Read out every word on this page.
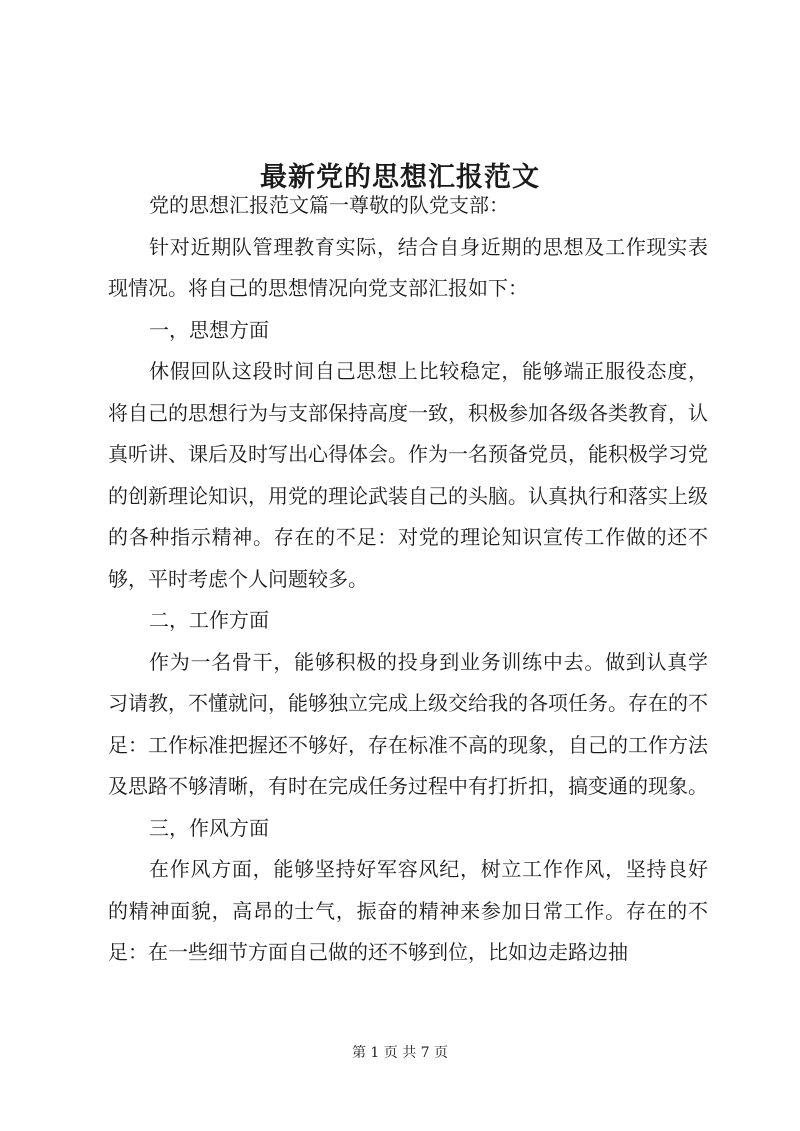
最新党的思想汇报范文

党的思想汇报范文篇一尊敬的队党支部：

针对近期队管理教育实际，结合自身近期的思想及工作现实表现情况。将自己的思想情况向党支部汇报如下：

一，思想方面

休假回队这段时间自己思想上比较稳定，能够端正服役态度，将自己的思想行为与支部保持高度一致，积极参加各级各类教育，认真听讲、课后及时写出心得体会。作为一名预备党员，能积极学习党的创新理论知识，用党的理论武装自己的头脑。认真执行和落实上级的各种指示精神。存在的不足：对党的理论知识宣传工作做的还不够，平时考虑个人问题较多。

二，工作方面

作为一名骨干，能够积极的投身到业务训练中去。做到认真学习请教，不懂就问，能够独立完成上级交给我的各项任务。存在的不足：工作标准把握还不够好，存在标准不高的现象，自己的工作方法及思路不够清晰，有时在完成任务过程中有打折扣，搞变通的现象。

三，作风方面

在作风方面，能够坚持好军容风纪，树立工作作风，坚持良好的精神面貌，高昂的士气，振奋的精神来参加日常工作。存在的不足：在一些细节方面自己做的还不够到位，比如边走路边抽

第 1 页 共 7 页
